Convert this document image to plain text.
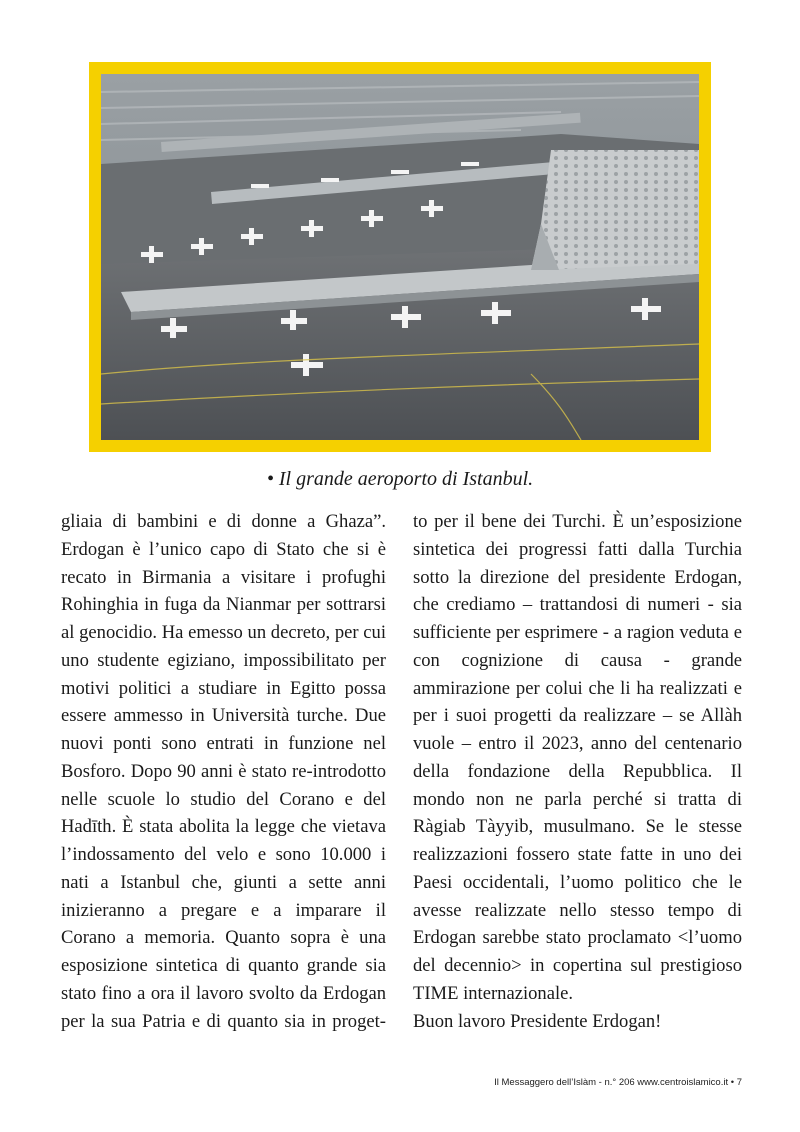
• Il grande aeroporto di Istanbul.

gliaia di bambini e di donne a Ghaza”. Erdogan è l’unico capo di Stato che si è recato in Birmania a visitare i profughi Rohinghia in fuga da Nianmar per sottrarsi al genocidio. Ha emesso un decreto, per cui uno studente egiziano, impossibilitato per motivi politici a studiare in Egitto possa essere ammesso in Università turche. Due nuovi ponti sono entrati in funzione nel Bosforo. Dopo 90 anni è stato re-introdotto nelle scuole lo studio del Corano e del Hadīth. È stata abolita la legge che vietava l’indossamento del velo e sono 10.000 i nati a Istanbul che, giunti a sette anni inizieranno a pregare e a imparare il Corano a memoria. Quanto sopra è una esposizione sintetica di quanto grande sia stato fino a ora il lavoro svolto da Erdogan per la sua Patria e di quanto sia in proget-

to per il bene dei Turchi. È un’esposizione sintetica dei progressi fatti dalla Turchia sotto la direzione del presidente Erdogan, che crediamo – trattandosi di numeri - sia sufficiente per esprimere - a ragion veduta e con cognizione di causa - grande ammirazione per colui che li ha realizzati e per i suoi progetti da realizzare – se Allàh vuole – entro il 2023, anno del centenario della fondazione della Repubblica. Il mondo non ne parla perché si tratta di Ràgiab Tàyyib, musulmano. Se le stesse realizzazioni fossero state fatte in uno dei Paesi occidentali, l’uomo politico che le avesse realizzate nello stesso tempo di Erdogan sarebbe stato proclamato <l’uomo del decennio> in copertina sul prestigioso TIME internazionale.

Buon lavoro Presidente Erdogan!

Il Messaggero dell’Islàm - n.° 206 www.centroislamico.it • 7
